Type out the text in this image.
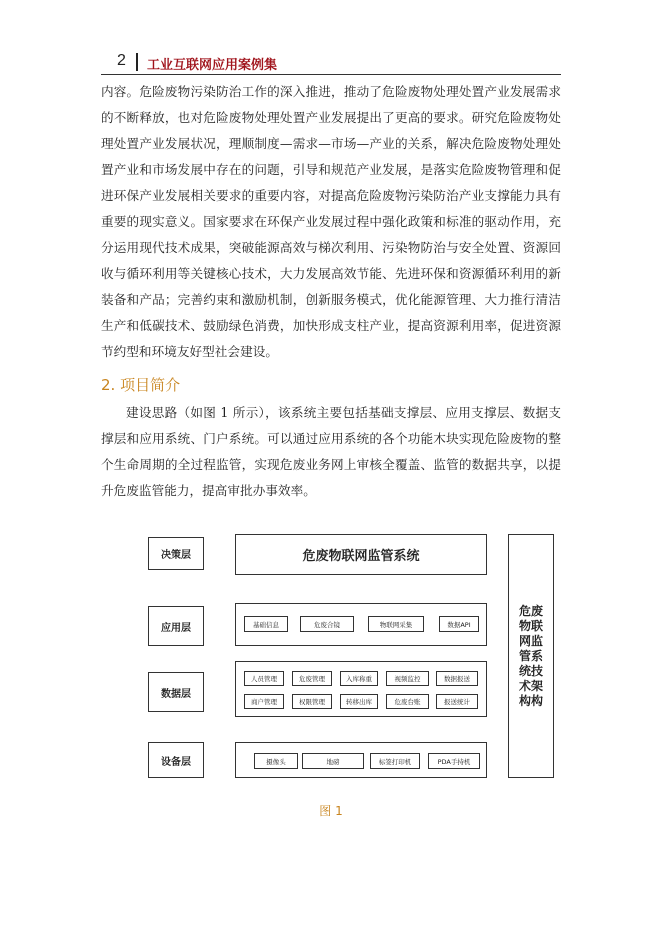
2 工业互联网应用案例集

内容。危险废物污染防治工作的深入推进，推动了危险废物处理处置产业发展需求的不断释放，也对危险废物处理处置产业发展提出了更高的要求。研究危险废物处理处置产业发展状况，理顺制度—需求—市场—产业的关系，解决危险废物处理处置产业和市场发展中存在的问题，引导和规范产业发展，是落实危险废物管理和促进环保产业发展相关要求的重要内容，对提高危险废物污染防治产业支撑能力具有重要的现实意义。国家要求在环保产业发展过程中强化政策和标准的驱动作用，充分运用现代技术成果，突破能源高效与梯次利用、污染物防治与安全处置、资源回收与循环利用等关键核心技术，大力发展高效节能、先进环保和资源循环利用的新装备和产品；完善约束和激励机制，创新服务模式，优化能源管理、大力推行清洁生产和低碳技术、鼓励绿色消费，加快形成支柱产业，提高资源利用率，促进资源节约型和环境友好型社会建设。

2. 项目简介

建设思路（如图 1 所示），该系统主要包括基础支撑层、应用支撑层、数据支撑层和应用系统、门户系统。可以通过应用系统的各个功能木块实现危险废物的整个生命周期的全过程监管，实现危废业务网上审核全覆盖、监管的数据共享，以提升危废监管能力，提高审批办事效率。

决策层
应用层
数据层
设备层
危废物联网监管系统
基础信息	危废合镜	物联网采集	数据API
人员管理	危废管理	入库称重	视频监控	数据报送
商户管理	权限管理	转移出库	危废台账	报送统计
摄像头	地磅	标签打印机	PDA手持机
危废物联网监管系统技术架构构
图 1
